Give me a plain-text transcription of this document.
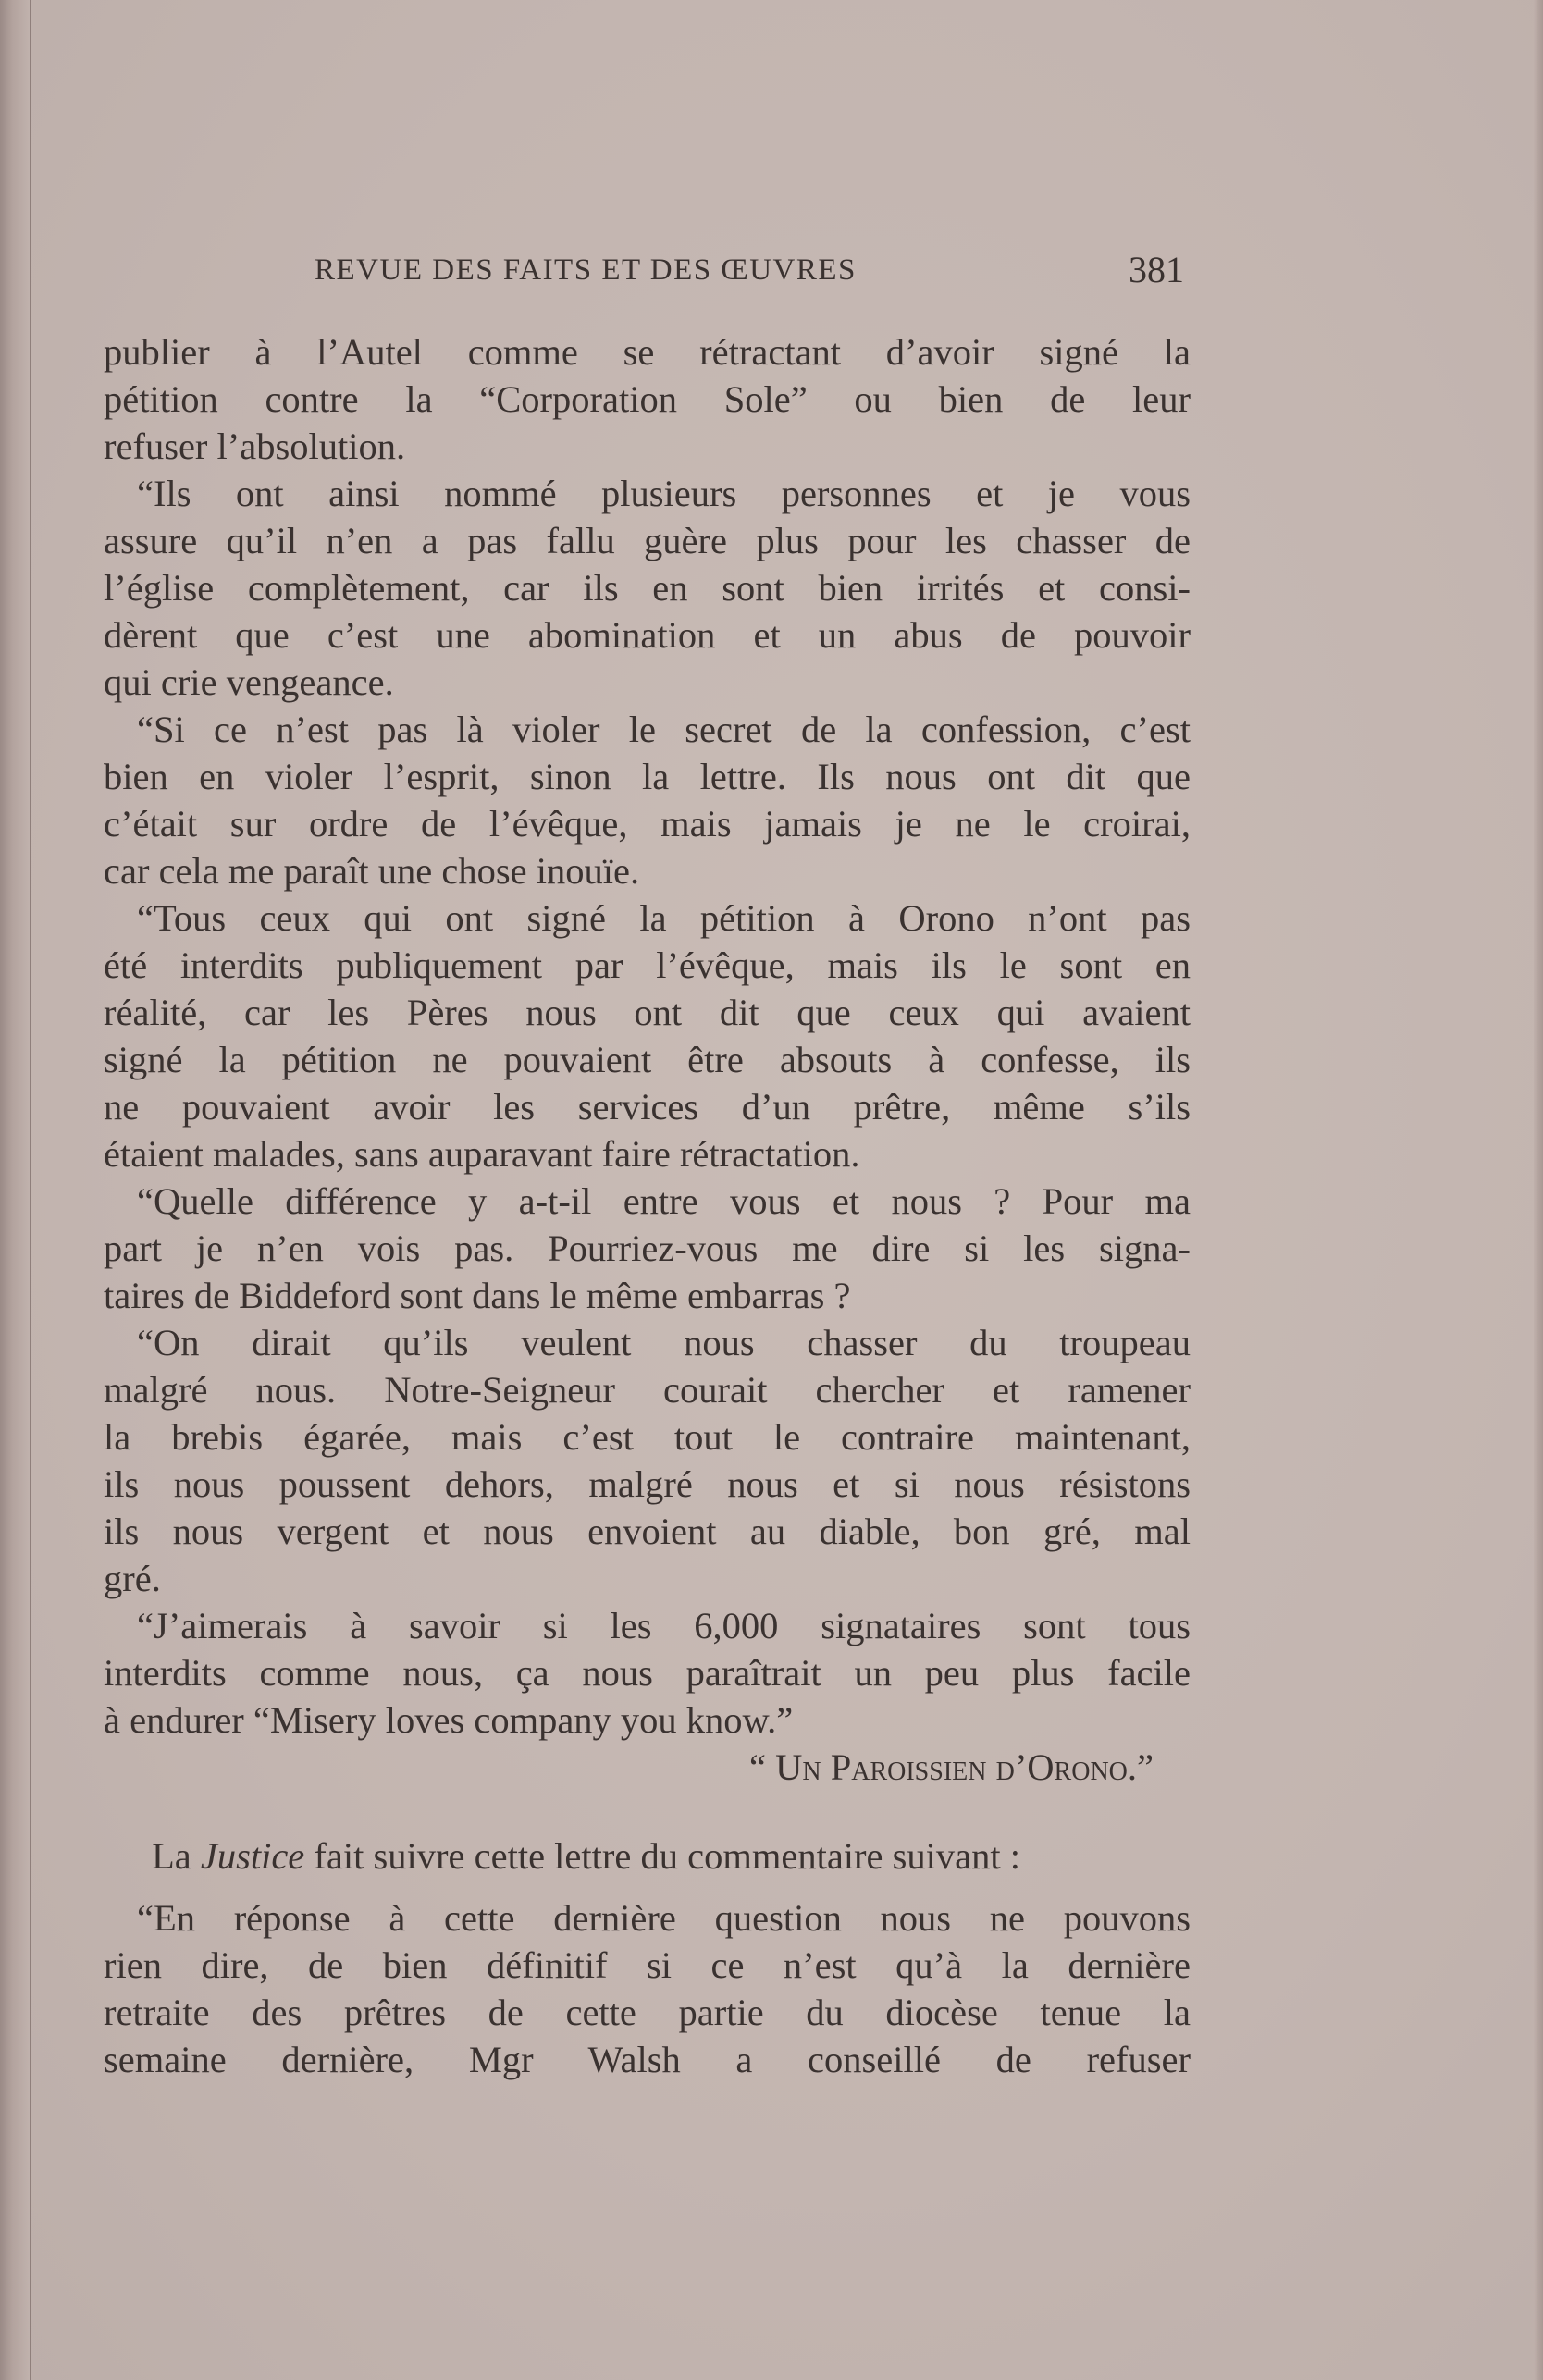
REVUE DES FAITS ET DES ŒUVRES	381
publier à l’Autel comme se rétractant d’avoir signé la
pétition contre la “Corporation Sole” ou bien de leur
refuser l’absolution.
“Ils ont ainsi nommé plusieurs personnes et je vous
assure qu’il n’en a pas fallu guère plus pour les chasser de
l’église complètement, car ils en sont bien irrités et consi-
dèrent que c’est une abomination et un abus de pouvoir
qui crie vengeance.
“Si ce n’est pas là violer le secret de la confession, c’est
bien en violer l’esprit, sinon la lettre. Ils nous ont dit que
c’était sur ordre de l’évêque, mais jamais je ne le croirai,
car cela me paraît une chose inouïe.
“Tous ceux qui ont signé la pétition à Orono n’ont pas
été interdits publiquement par l’évêque, mais ils le sont en
réalité, car les Pères nous ont dit que ceux qui avaient
signé la pétition ne pouvaient être absouts à confesse, ils
ne pouvaient avoir les services d’un prêtre, même s’ils
étaient malades, sans auparavant faire rétractation.
“Quelle différence y a-t-il entre vous et nous ? Pour ma
part je n’en vois pas. Pourriez-vous me dire si les signa-
taires de Biddeford sont dans le même embarras ?
“On dirait qu’ils veulent nous chasser du troupeau
malgré nous. Notre-Seigneur courait chercher et ramener
la brebis égarée, mais c’est tout le contraire maintenant,
ils nous poussent dehors, malgré nous et si nous résistons
ils nous vergent et nous envoient au diable, bon gré, mal
gré.
“J’aimerais à savoir si les 6,000 signataires sont tous
interdits comme nous, ça nous paraîtrait un peu plus facile
à endurer “Misery loves company you know.”
“ Un Paroissien d’Orono.”
La Justice fait suivre cette lettre du commentaire suivant :
“En réponse à cette dernière question nous ne pouvons
rien dire, de bien définitif si ce n’est qu’à la dernière
retraite des prêtres de cette partie du diocèse tenue la
semaine dernière, Mgr Walsh a conseillé de refuser
